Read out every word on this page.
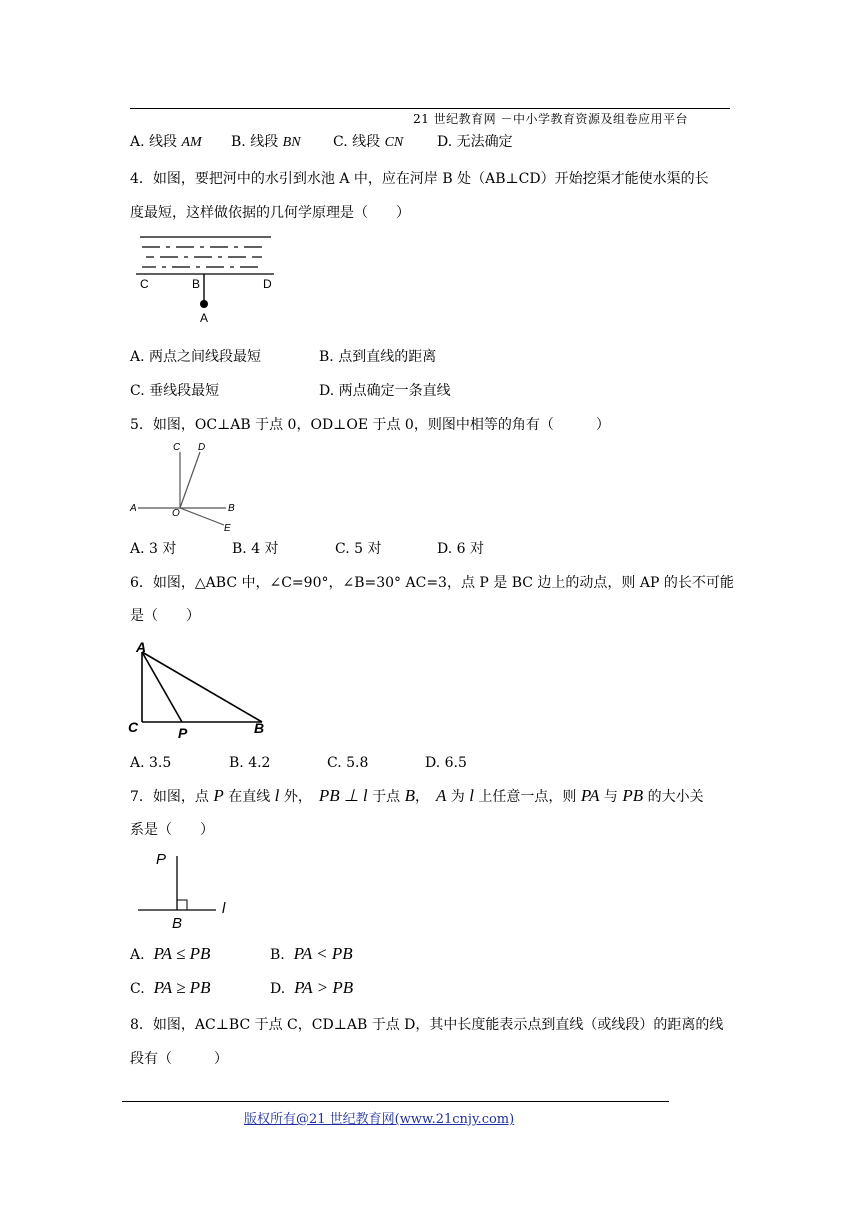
21 世纪教育网 －中小学教育资源及组卷应用平台
A. 线段 AM B. 线段 BN C. 线段 CN D. 无法确定
4．如图，要把河中的水引到水池 A 中，应在河岸 B 处（AB⊥CD）开始挖渠才能使水渠的长
度最短，这样做依据的几何学原理是（　　）
C	B	D
A
A. 两点之间线段最短	B. 点到直线的距离
C. 垂线段最短	D. 两点确定一条直线
5．如图，OC⊥AB 于点 0，OD⊥OE 于点 0，则图中相等的角有（　　　）
A	O	B
C D
E
A. 3 对	B. 4 对	C. 5 对	D. 6 对
6．如图，△ABC 中，∠C=90°，∠B=30° AC=3，点 P 是 BC 边上的动点，则 AP 的长不可能
是（　　）
A
C	P	B
A. 3.5	B. 4.2	C. 5.8	D. 6.5
7．如图，点 P 在直线 l 外，　PB ⊥ l 于点 B，　A 为 l 上任意一点，则 PA 与 PB 的大小关
系是（　　）
P
B
l
A. PA ≤ PB	B. PA < PB
C. PA ≥ PB	D. PA > PB
8．如图，AC⊥BC 于点 C，CD⊥AB 于点 D，其中长度能表示点到直线（或线段）的距离的线
段有（　　　）
版权所有@21 世纪教育网(www.21cnjy.com)
